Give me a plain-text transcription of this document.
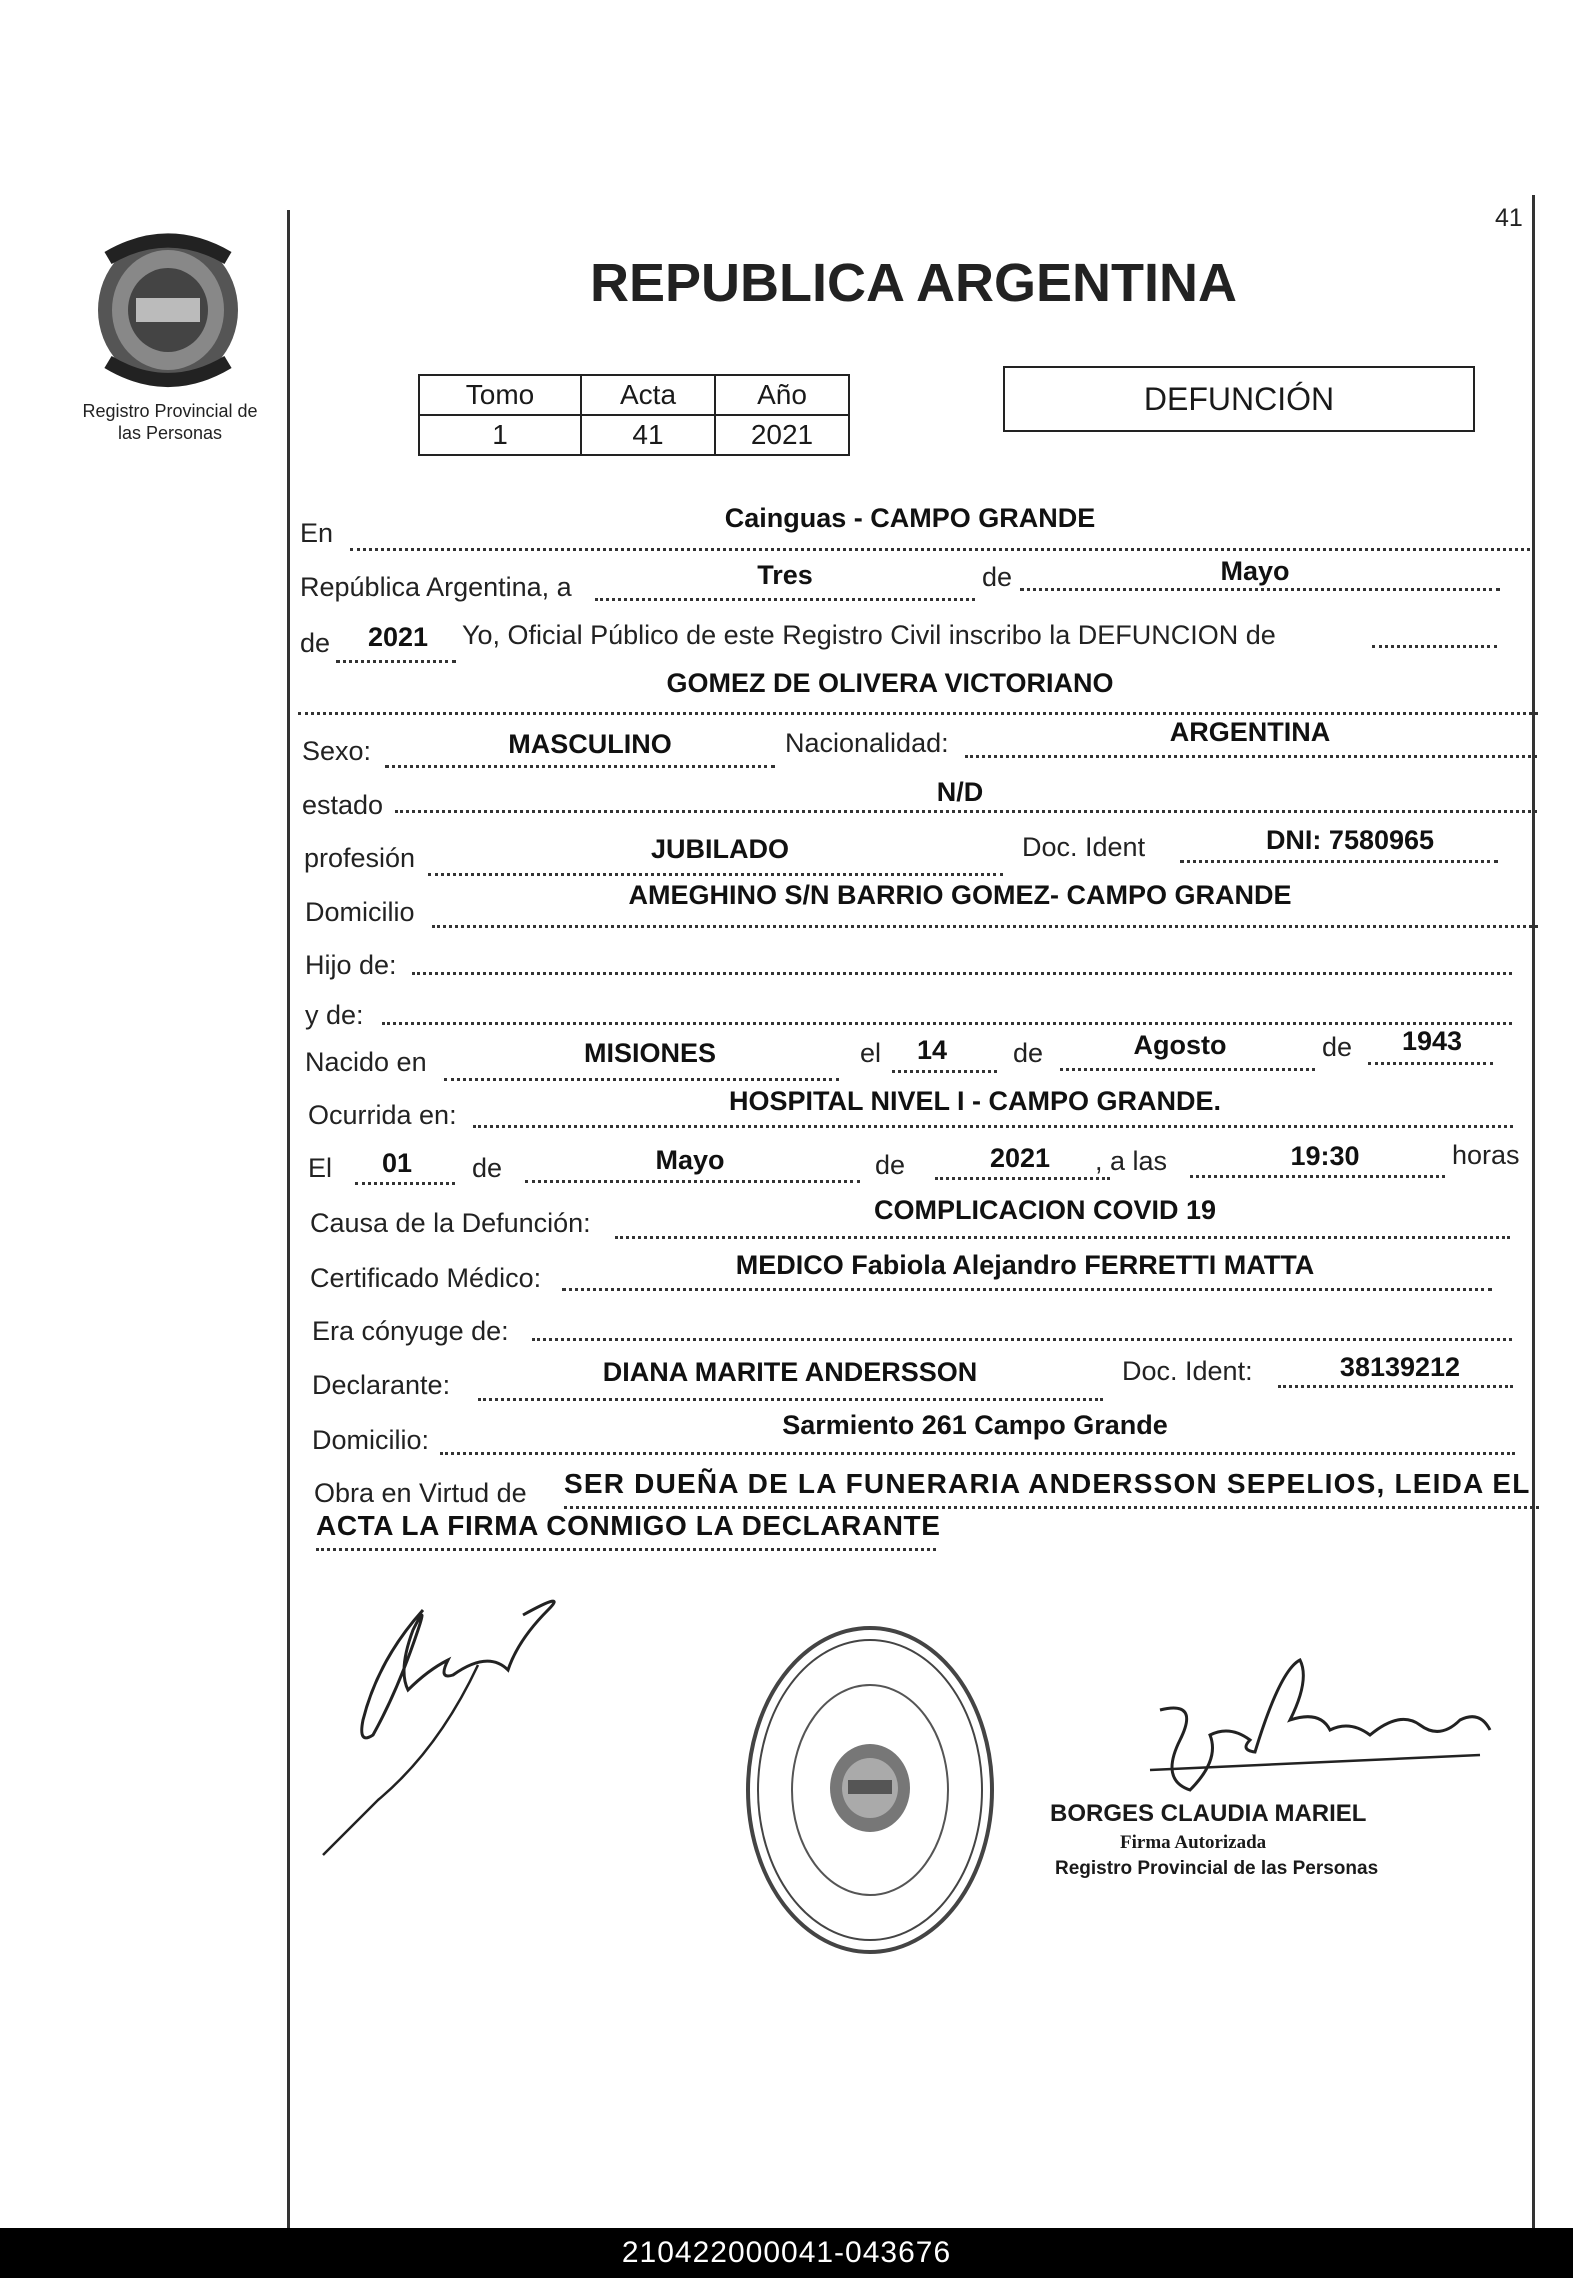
Registro Provincial de
las Personas
41
REPUBLICA ARGENTINA
Tomo	Acta	Año
1	41	2021
DEFUNCIÓN
En	Cainguas - CAMPO GRANDE
República Argentina, a	Tres	de	Mayo
de	2021	Yo, Oficial Público de este Registro Civil inscribo la DEFUNCION de
GOMEZ DE OLIVERA VICTORIANO
Sexo:	MASCULINO	Nacionalidad:	ARGENTINA
estado	N/D
profesión	JUBILADO	Doc. Ident	DNI: 7580965
Domicilio
AMEGHINO S/N BARRIO GOMEZ- CAMPO GRANDE
Hijo de:
y de:
Nacido en	MISIONES	el	14	de	Agosto	de	1943
Ocurrida en:	HOSPITAL NIVEL I - CAMPO GRANDE.
El	01	de	Mayo	de	2021	, a las	19:30	horas
Causa de la Defunción:	COMPLICACION COVID 19
Certificado Médico:	MEDICO Fabiola Alejandro FERRETTI MATTA
Era cónyuge de:
Declarante:	DIANA MARITE ANDERSSON	Doc. Ident:	38139212
Domicilio:	Sarmiento 261 Campo Grande
Obra en Virtud de SER DUEÑA DE LA FUNERARIA ANDERSSON SEPELIOS, LEIDA EL
ACTA LA FIRMA CONMIGO LA DECLARANTE
BORGES CLAUDIA MARIEL
Firma Autorizada
Registro Provincial de las Personas
210422000041-043676
